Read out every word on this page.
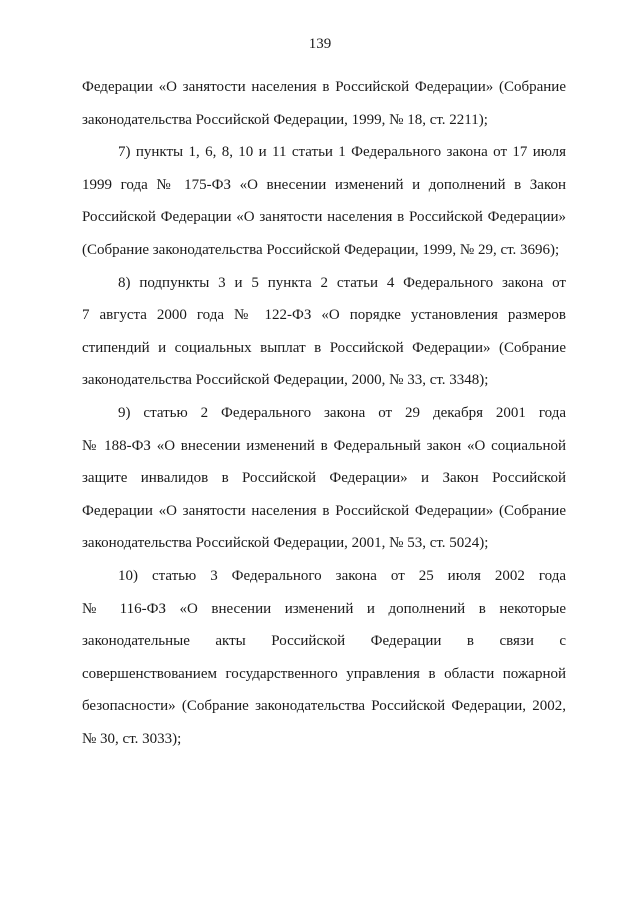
139
Федерации «О занятости населения в Российской Федерации» (Собрание
законодательства Российской Федерации, 1999, № 18, ст. 2211);
7) пункты 1, 6, 8, 10 и 11 статьи 1 Федерального закона от 17 июля
1999 года № 175-ФЗ «О внесении изменений и дополнений в Закон
Российской Федерации «О занятости населения в Российской Федерации»
(Собрание законодательства Российской Федерации, 1999, № 29, ст. 3696);
8) подпункты 3 и 5 пункта 2 статьи 4 Федерального закона от
7 августа 2000 года № 122-ФЗ «О порядке установления размеров
стипендий и социальных выплат в Российской Федерации» (Собрание
законодательства Российской Федерации, 2000, № 33, ст. 3348);
9) статью 2 Федерального закона от 29 декабря 2001 года
№ 188-ФЗ «О внесении изменений в Федеральный закон «О социальной
защите инвалидов в Российской Федерации» и Закон Российской
Федерации «О занятости населения в Российской Федерации» (Собрание
законодательства Российской Федерации, 2001, № 53, ст. 5024);
10) статью 3 Федерального закона от 25 июля 2002 года
№ 116-ФЗ «О внесении изменений и дополнений в некоторые
законодательные акты Российской Федерации в связи с
совершенствованием государственного управления в области пожарной
безопасности» (Собрание законодательства Российской Федерации, 2002,
№ 30, ст. 3033);
